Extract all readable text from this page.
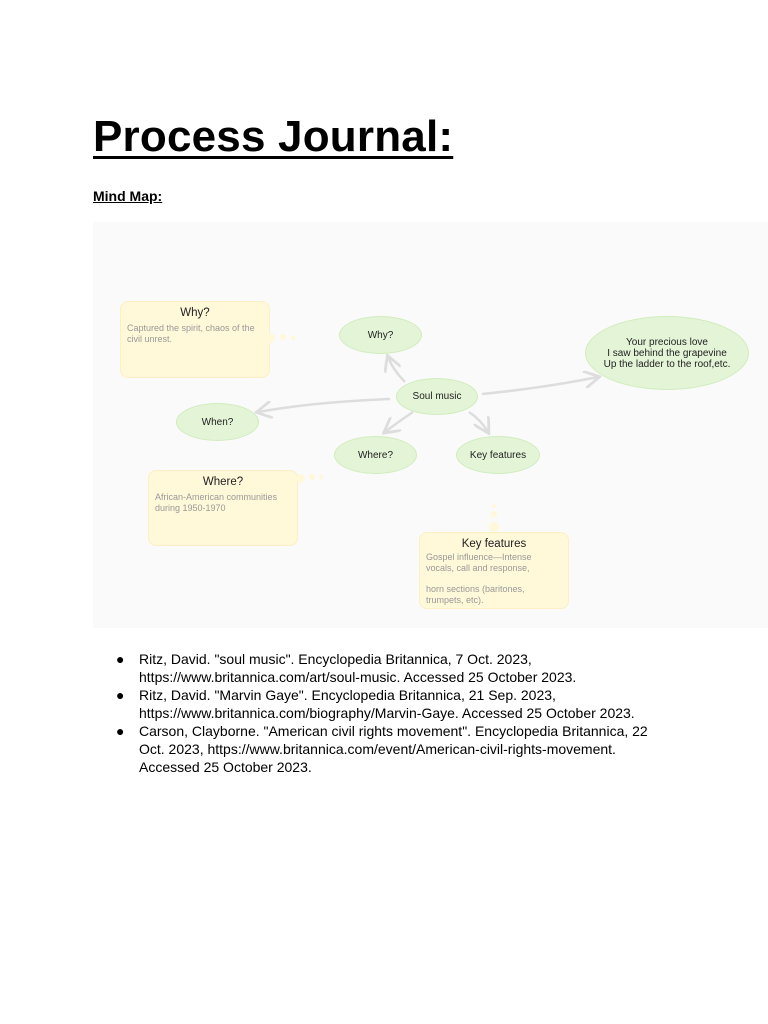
Process Journal:
Mind Map:
Why?
Captured the spirit, chaos of the civil unrest.
Where?
African-American communities during 1950-1970
Key features
Gospel influence—Intense vocals, call and response,
horn sections (baritones, trumpets, etc).
Why?
Soul music
When?
Where?	Key features
Your precious love
I saw behind the grapevine
Up the ladder to the roof,etc.
● Ritz, David. "soul music". Encyclopedia Britannica, 7 Oct. 2023, https://www.britannica.com/art/soul-music. Accessed 25 October 2023.
● Ritz, David. "Marvin Gaye". Encyclopedia Britannica, 21 Sep. 2023, https://www.britannica.com/biography/Marvin-Gaye. Accessed 25 October 2023.
● Carson, Clayborne. "American civil rights movement". Encyclopedia Britannica, 22 Oct. 2023, https://www.britannica.com/event/American-civil-rights-movement. Accessed 25 October 2023.
